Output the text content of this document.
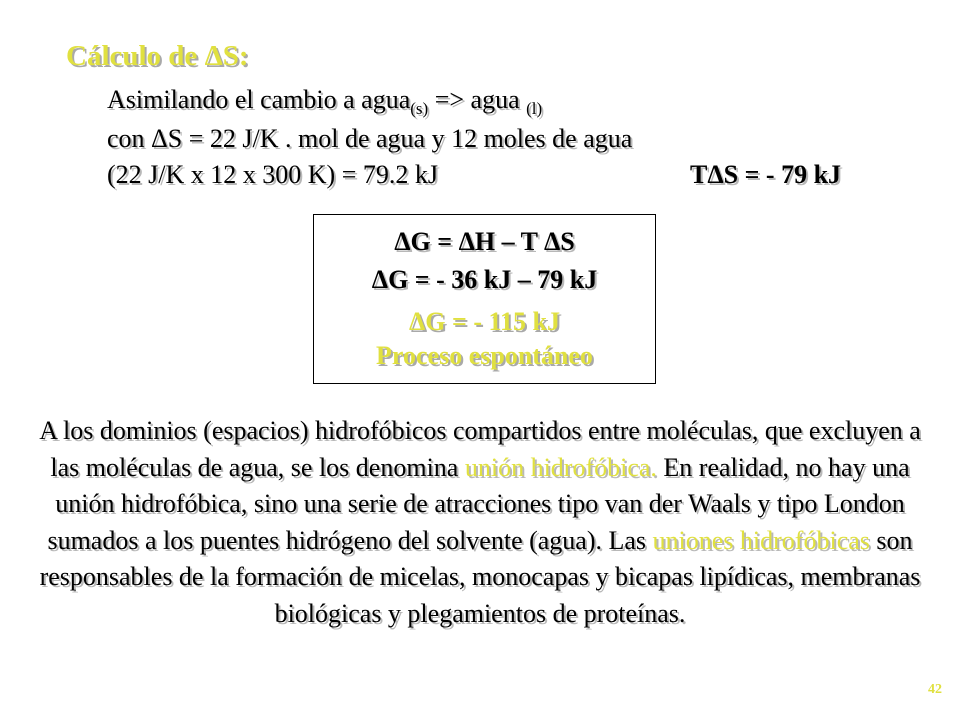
Cálculo de ΔS:
Asimilando el cambio a agua$_{(s)}$ => agua $_{(l)}$
con ΔS = 22 J/K . mol de agua y 12 moles de agua
(22 J/K x 12 x 300 K) = 79.2 kJ	TΔS = - 79 kJ
ΔG = ΔH – T ΔS
ΔG = - 36 kJ – 79 kJ
ΔG = - 115 kJ
Proceso espontáneo
A los dominios (espacios) hidrofóbicos compartidos entre moléculas, que excluyen a las moléculas de agua, se los denomina unión hidrofóbica. En realidad, no hay una unión hidrofóbica, sino una serie de atracciones tipo van der Waals y tipo London sumados a los puentes hidrógeno del solvente (agua). Las uniones hidrofóbicas son responsables de la formación de micelas, monocapas y bicapas lipídicas, membranas biológicas y plegamientos de proteínas.
42
